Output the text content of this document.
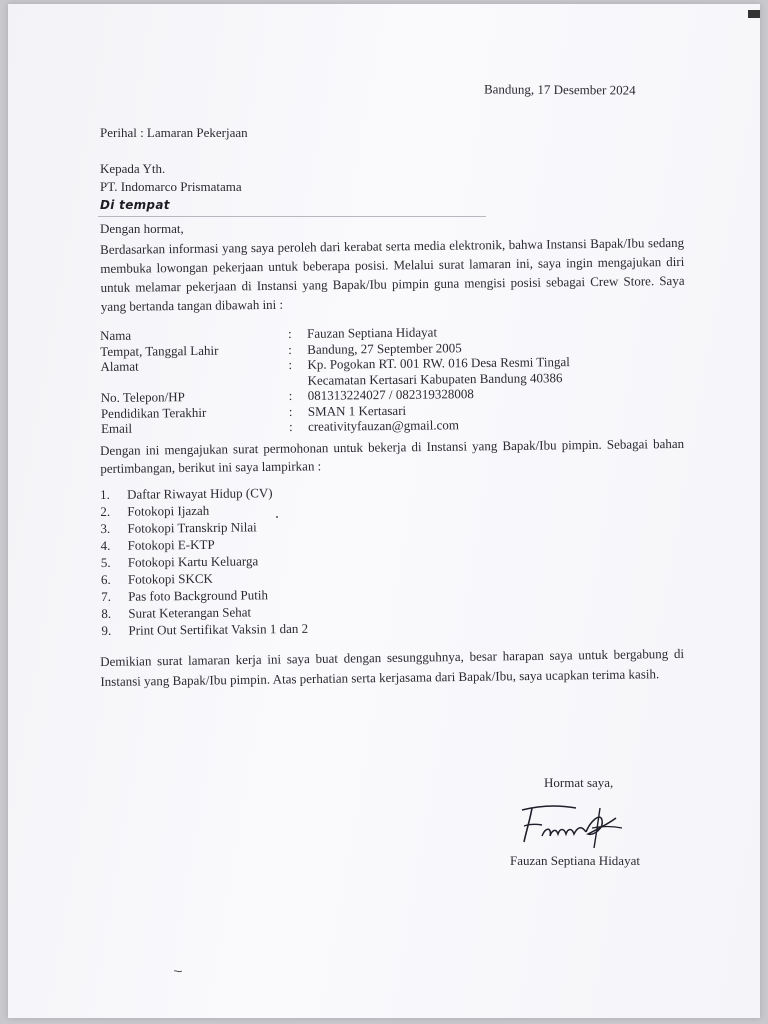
Bandung, 17 Desember 2024
Perihal : Lamaran Pekerjaan
Kepada Yth.
PT. Indomarco Prismatama
Di tempat
Dengan hormat,
Berdasarkan informasi yang saya peroleh dari kerabat serta media elektronik, bahwa Instansi Bapak/Ibu sedang membuka lowongan pekerjaan untuk beberapa posisi. Melalui surat lamaran ini, saya ingin mengajukan diri untuk melamar pekerjaan di Instansi yang Bapak/Ibu pimpin guna mengisi posisi sebagai Crew Store. Saya yang bertanda tangan dibawah ini :
Nama	:	Fauzan Septiana Hidayat
Tempat, Tanggal Lahir	:	Bandung, 27 September 2005
Alamat	:	Kp. Pogokan RT. 001 RW. 016 Desa Resmi Tingal
Kecamatan Kertasari Kabupaten Bandung 40386
No. Telepon/HP	:	081313224027 / 082319328008
Pendidikan Terakhir	:	SMAN 1 Kertasari
Email	:	creativityfauzan@gmail.com
Dengan ini mengajukan surat permohonan untuk bekerja di Instansi yang Bapak/Ibu pimpin. Sebagai bahan pertimbangan, berikut ini saya lampirkan :
1.	Daftar Riwayat Hidup (CV)
2.	Fotokopi Ijazah
3.	Fotokopi Transkrip Nilai
4.	Fotokopi E-KTP
5.	Fotokopi Kartu Keluarga
6.	Fotokopi SKCK
7.	Pas foto Background Putih
8.	Surat Keterangan Sehat
9.	Print Out Sertifikat Vaksin 1 dan 2
Demikian surat lamaran kerja ini saya buat dengan sesungguhnya, besar harapan saya untuk bergabung di Instansi yang Bapak/Ibu pimpin. Atas perhatian serta kerjasama dari Bapak/Ibu, saya ucapkan terima kasih.
Hormat saya,
Fauzan Septiana Hidayat
